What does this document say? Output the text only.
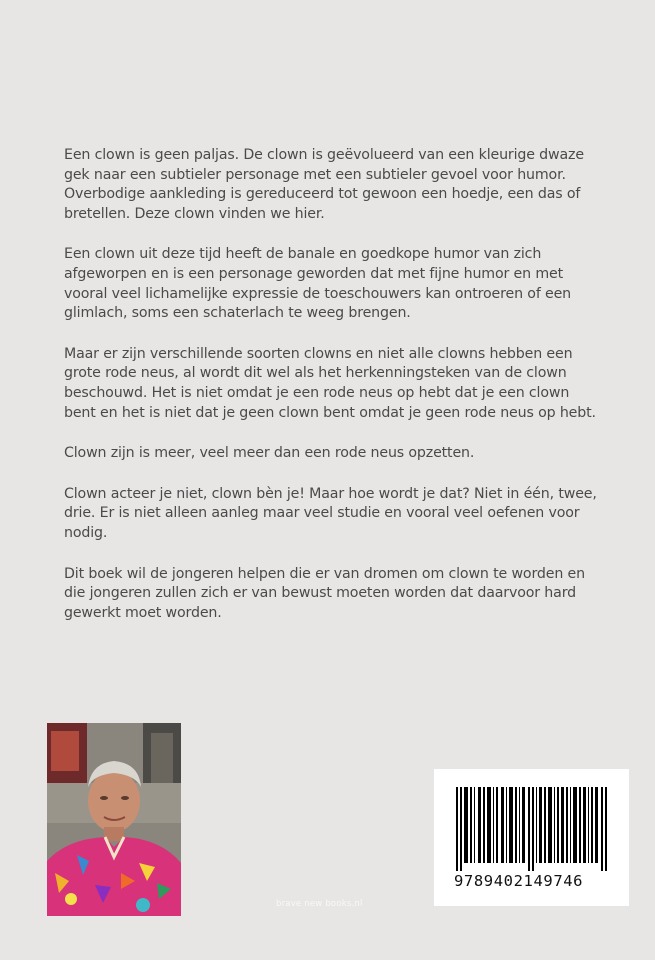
Een clown is geen paljas. De clown is geëvolueerd van een kleurige dwaze gek naar een subtieler personage met een subtieler gevoel voor humor. Overbodige aankleding is gereduceerd tot gewoon een hoedje, een das of bretellen. Deze clown vinden we hier.

Een clown uit deze tijd heeft de banale en goedkope humor van zich afgeworpen en is een personage geworden dat met fijne humor en met vooral veel lichamelijke expressie de toeschouwers kan ontroeren of een glimlach, soms een schaterlach te weeg brengen.

Maar er zijn verschillende soorten clowns en niet alle clowns hebben een grote rode neus, al wordt dit wel als het herkenningsteken van de clown beschouwd. Het is niet omdat je een rode neus op hebt dat je een clown bent en het is niet dat je geen clown bent omdat je geen rode neus op hebt.

Clown zijn is meer, veel meer dan een rode neus opzetten.

Clown acteer je niet, clown bèn je! Maar hoe wordt je dat? Niet in één, twee, drie. Er is niet alleen aanleg maar veel studie en vooral veel oefenen voor nodig.

Dit boek wil de jongeren helpen die er van dromen om clown te worden en die jongeren zullen zich er van bewust moeten worden dat daarvoor hard gewerkt moet worden.

brave new books.nl
9789402149746
